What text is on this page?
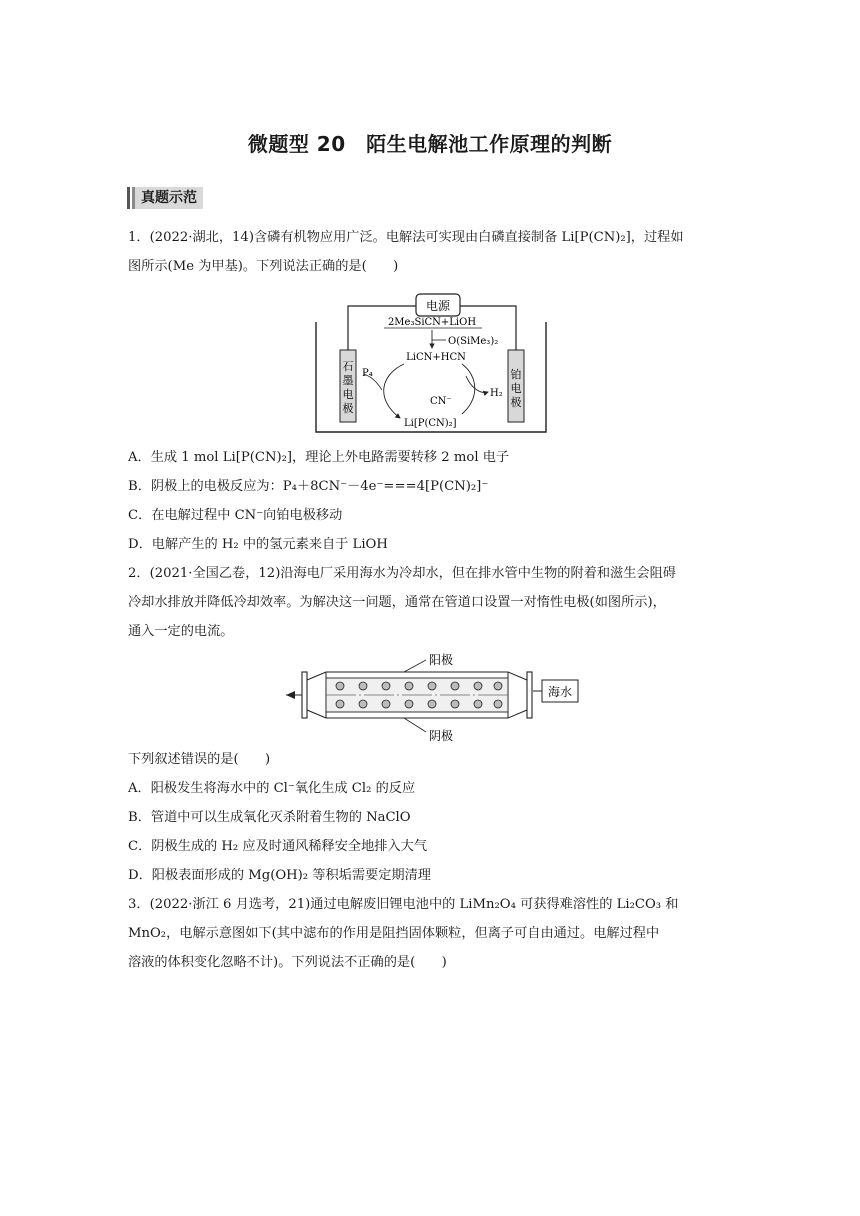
微题型 20　陌生电解池工作原理的判断
真题示范
1．(2022·湖北，14)含磷有机物应用广泛。电解法可实现由白磷直接制备 Li[P(CN)₂]，过程如
图所示(Me 为甲基)。下列说法正确的是(　　)
电源
石
墨
电
极
铂
电
极
2Me₃SiCN+LiOH
O(SiMe₃)₂
LiCN+HCN
P₄
CN⁻
H₂
Li[P(CN)₂]
A．生成 1 mol Li[P(CN)₂]，理论上外电路需要转移 2 mol 电子
B．阴极上的电极反应为：P₄＋8CN⁻－4e⁻===4[P(CN)₂]⁻
C．在电解过程中 CN⁻向铂电极移动
D．电解产生的 H₂ 中的氢元素来自于 LiOH
2．(2021·全国乙卷，12)沿海电厂采用海水为冷却水，但在排水管中生物的附着和滋生会阻碍
冷却水排放并降低冷却效率。为解决这一问题，通常在管道口设置一对惰性电极(如图所示)，
通入一定的电流。
阳极
阴极
海水
下列叙述错误的是(　　)
A．阳极发生将海水中的 Cl⁻氧化生成 Cl₂ 的反应
B．管道中可以生成氧化灭杀附着生物的 NaClO
C．阴极生成的 H₂ 应及时通风稀释安全地排入大气
D．阳极表面形成的 Mg(OH)₂ 等积垢需要定期清理
3．(2022·浙江 6 月选考，21)通过电解废旧锂电池中的 LiMn₂O₄ 可获得难溶性的 Li₂CO₃ 和
MnO₂，电解示意图如下(其中滤布的作用是阻挡固体颗粒，但离子可自由通过。电解过程中
溶液的体积变化忽略不计)。下列说法不正确的是(　　)
